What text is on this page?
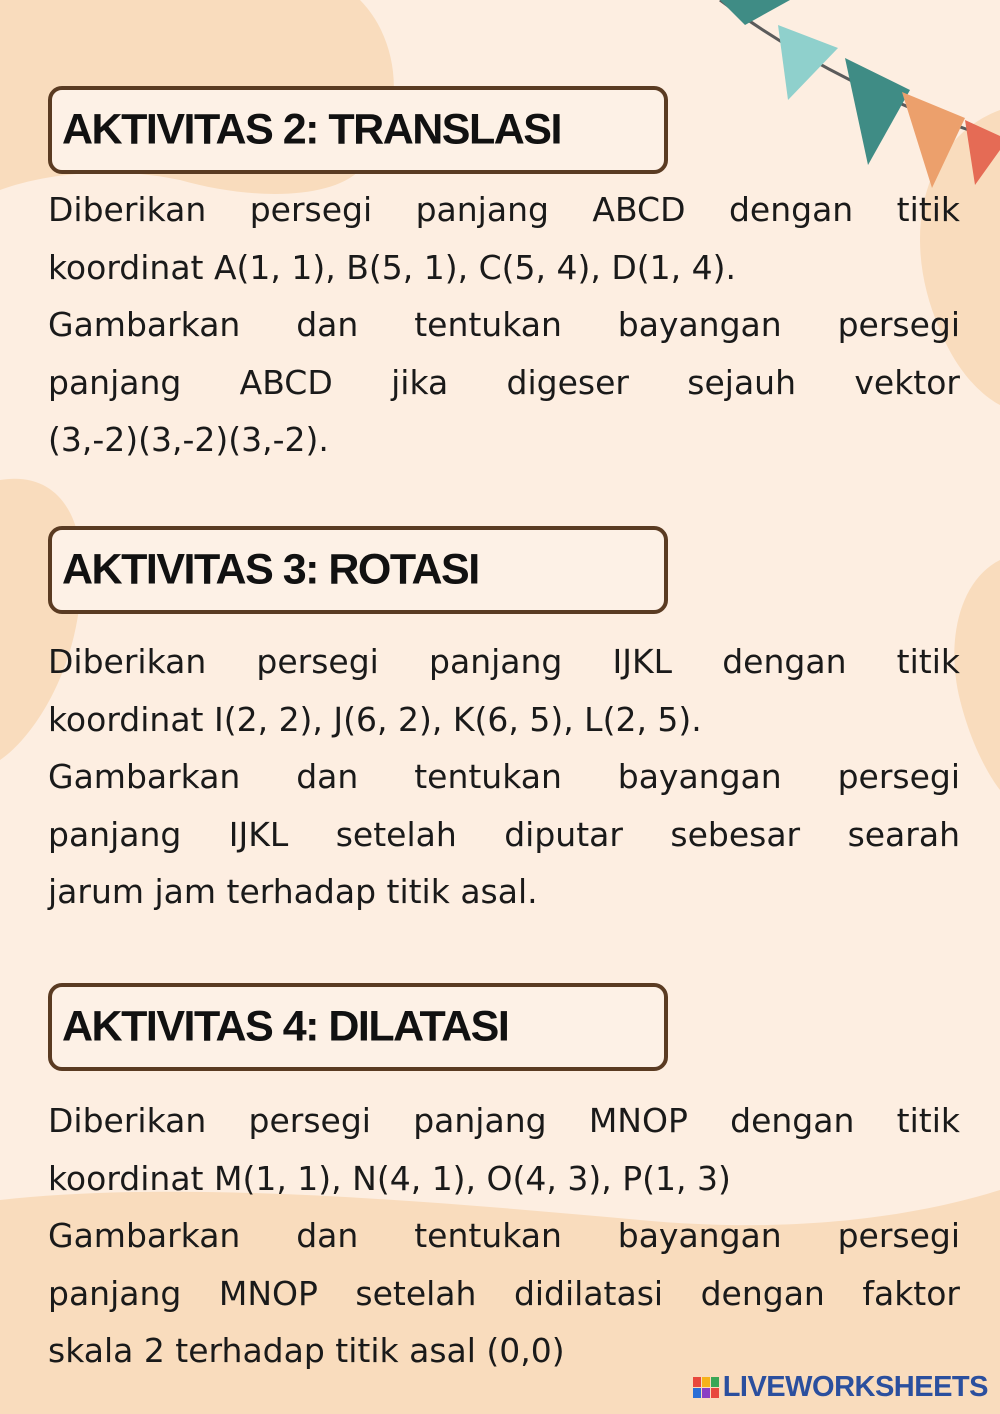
AKTIVITAS 2: TRANSLASI

Diberikan persegi panjang ABCD dengan titik

koordinat A(1, 1), B(5, 1), C(5, 4), D(1, 4).

Gambarkan dan tentukan bayangan persegi

panjang ABCD jika digeser sejauh vektor

(3,-2)(3,-2)(3,-2).

AKTIVITAS 3: ROTASI

Diberikan persegi panjang IJKL dengan titik

koordinat I(2, 2), J(6, 2), K(6, 5), L(2, 5).

Gambarkan dan tentukan bayangan persegi

panjang IJKL setelah diputar sebesar searah

jarum jam terhadap titik asal.

AKTIVITAS 4: DILATASI

Diberikan persegi panjang MNOP dengan titik

koordinat M(1, 1), N(4, 1), O(4, 3), P(1, 3)

Gambarkan dan tentukan bayangan persegi

panjang MNOP setelah didilatasi dengan faktor

skala 2 terhadap titik asal (0,0)

LIVEWORKSHEETS
